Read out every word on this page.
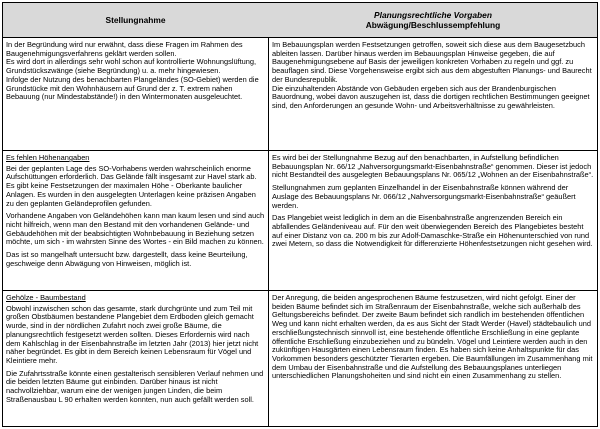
Stellungnahme	Planungsrechtliche Vorgaben
Abwägung/Beschlussempfehlung

In der Begründung wird nur erwähnt, dass diese Fragen im Rahmen des Baugenehmigungsverfahrens geklärt werden sollen.

Es wird dort in allerdings sehr wohl schon auf kontrollierte Wohnungslüftung, Grundstückszwänge (siehe Begründung) u. a. mehr hingewiesen.

Infolge der Nutzung des benachbarten Plangeländes (SO-Gebiet) werden die Grundstücke mit den Wohnhäusern auf Grund der z. T. extrem nahen Bebauung (nur Mindestabstände!) in den Wintermonaten ausgeleuchtet.

Im Bebauungsplan werden Festsetzungen getroffen, soweit sich diese aus dem Baugesetzbuch ableiten lassen. Darüber hinaus werden im Bebauungsplan Hinweise gegeben, die auf Baugenehmigungsebene auf Basis der jeweiligen konkreten Vorhaben zu regeln und ggf. zu beauflagen sind. Diese Vorgehensweise ergibt sich aus dem abgestuften Planungs- und Baurecht der Bundesrepublik.

Die einzuhaltenden Abstände von Gebäuden ergeben sich aus der Brandenburgischen Bauordnung, wobei davon auszugehen ist, dass die dortigen rechtlichen Bestimmungen geeignet sind, den Anforderungen an gesunde Wohn- und Arbeitsverhältnisse zu gewährleisten.

Es fehlen Höhenangaben

Bei der geplanten Lage des SO-Vorhabens werden wahrscheinlich enorme Aufschüttungen erforderlich. Das Gelände fällt insgesamt zur Havel stark ab. Es gibt keine Festsetzungen der maximalen Höhe - Oberkante baulicher Anlagen. Es wurden in den ausgelegten Unterlagen keine präzisen Angaben zu den geplanten Geländeprofilen gefunden.

Vorhandene Angaben von Geländehöhen kann man kaum lesen und sind auch nicht hilfreich, wenn man den Bestand mit den vorhandenen Gelände- und Gebäudehöhen mit der beabsichtigten Wohnbebauung in Beziehung setzen möchte, um sich - im wahrsten Sinne des Wortes - ein Bild machen zu können.

Das ist so mangelhaft untersucht bzw. dargestellt, dass keine Beurteilung, geschweige denn Abwägung von Hinweisen, möglich ist.

Es wird bei der Stellungnahme Bezug auf den benachbarten, in Aufstellung befindlichen Bebauungsplan Nr. 66/12 „Nahversorgungsmarkt-Eisenbahnstraße“ genommen. Dieser ist jedoch nicht Bestandteil des ausgelegten Bebauungsplans Nr. 065/12 „Wohnen an der Eisenbahnstraße“.

Stellungnahmen zum geplanten Einzelhandel in der Eisenbahnstraße können während der Auslage des Bebauungsplans Nr. 066/12 „Nahversorgungsmarkt-Eisenbahnstraße“ geäußert werden.

Das Plangebiet weist lediglich in dem an die Eisenbahnstraße angrenzenden Bereich ein abfallendes Geländeniveau auf. Für den weit überwiegenden Bereich des Plangebietes besteht auf einer Distanz von ca. 200 m bis zur Adolf-Damaschke-Straße ein Höhenunterschied von rund zwei Metern, so dass die Notwendigkeit für differenzierte Höhenfestsetzungen nicht gesehen wird.

Gehölze - Baumbestand

Obwohl inzwischen schon das gesamte, stark durchgrünte und zum Teil mit großen Obstbäumen bestandene Plangebiet dem Erdboden gleich gemacht wurde, sind in der nördlichen Zufahrt noch zwei große Bäume, die planungsrechtlich festgesetzt werden sollten. Dieses Erfordernis wird nach dem Kahlschlag in der Eisenbahnstraße im letzten Jahr (2013) hier jetzt nicht näher begründet. Es gibt in dem Bereich keinen Lebensraum für Vögel und Kleintiere mehr.

Die Zufahrtsstraße könnte einen gestalterisch sensibleren Verlauf nehmen und die beiden letzten Bäume gut einbinden. Darüber hinaus ist nicht nachvollziehbar, warum eine der wenigen jungen Linden, die beim Straßenausbau L 90 erhalten werden konnten, nun auch gefällt werden soll.

Der Anregung, die beiden angesprochenen Bäume festzusetzen, wird nicht gefolgt. Einer der beiden Bäume befindet sich im Straßenraum der Eisenbahnstraße, welche sich außerhalb des Geltungsbereichs befindet. Der zweite Baum befindet sich randlich im bestehenden öffentlichen Weg und kann nicht erhalten werden, da es aus Sicht der Stadt Werder (Havel) städtebaulich und erschließungstechnisch sinnvoll ist, eine bestehende öffentliche Erschließung in eine geplante öffentliche Erschließung einzubeziehen und zu bündeln. Vögel und Leintiere werden auch in den zukünftigen Hausgärten einen Lebensraum finden. Es haben sich keine Anhaltspunkte für das Vorkommen besonders geschützter Tierarten ergeben. Die Baumfällungen im Zusammenhang mit dem Umbau der Eisenbahnstraße und die Aufstellung des Bebauungsplanes unterliegen unterschiedlichen Planungshoheiten und sind nicht ein einen Zusammenhang zu stellen.
